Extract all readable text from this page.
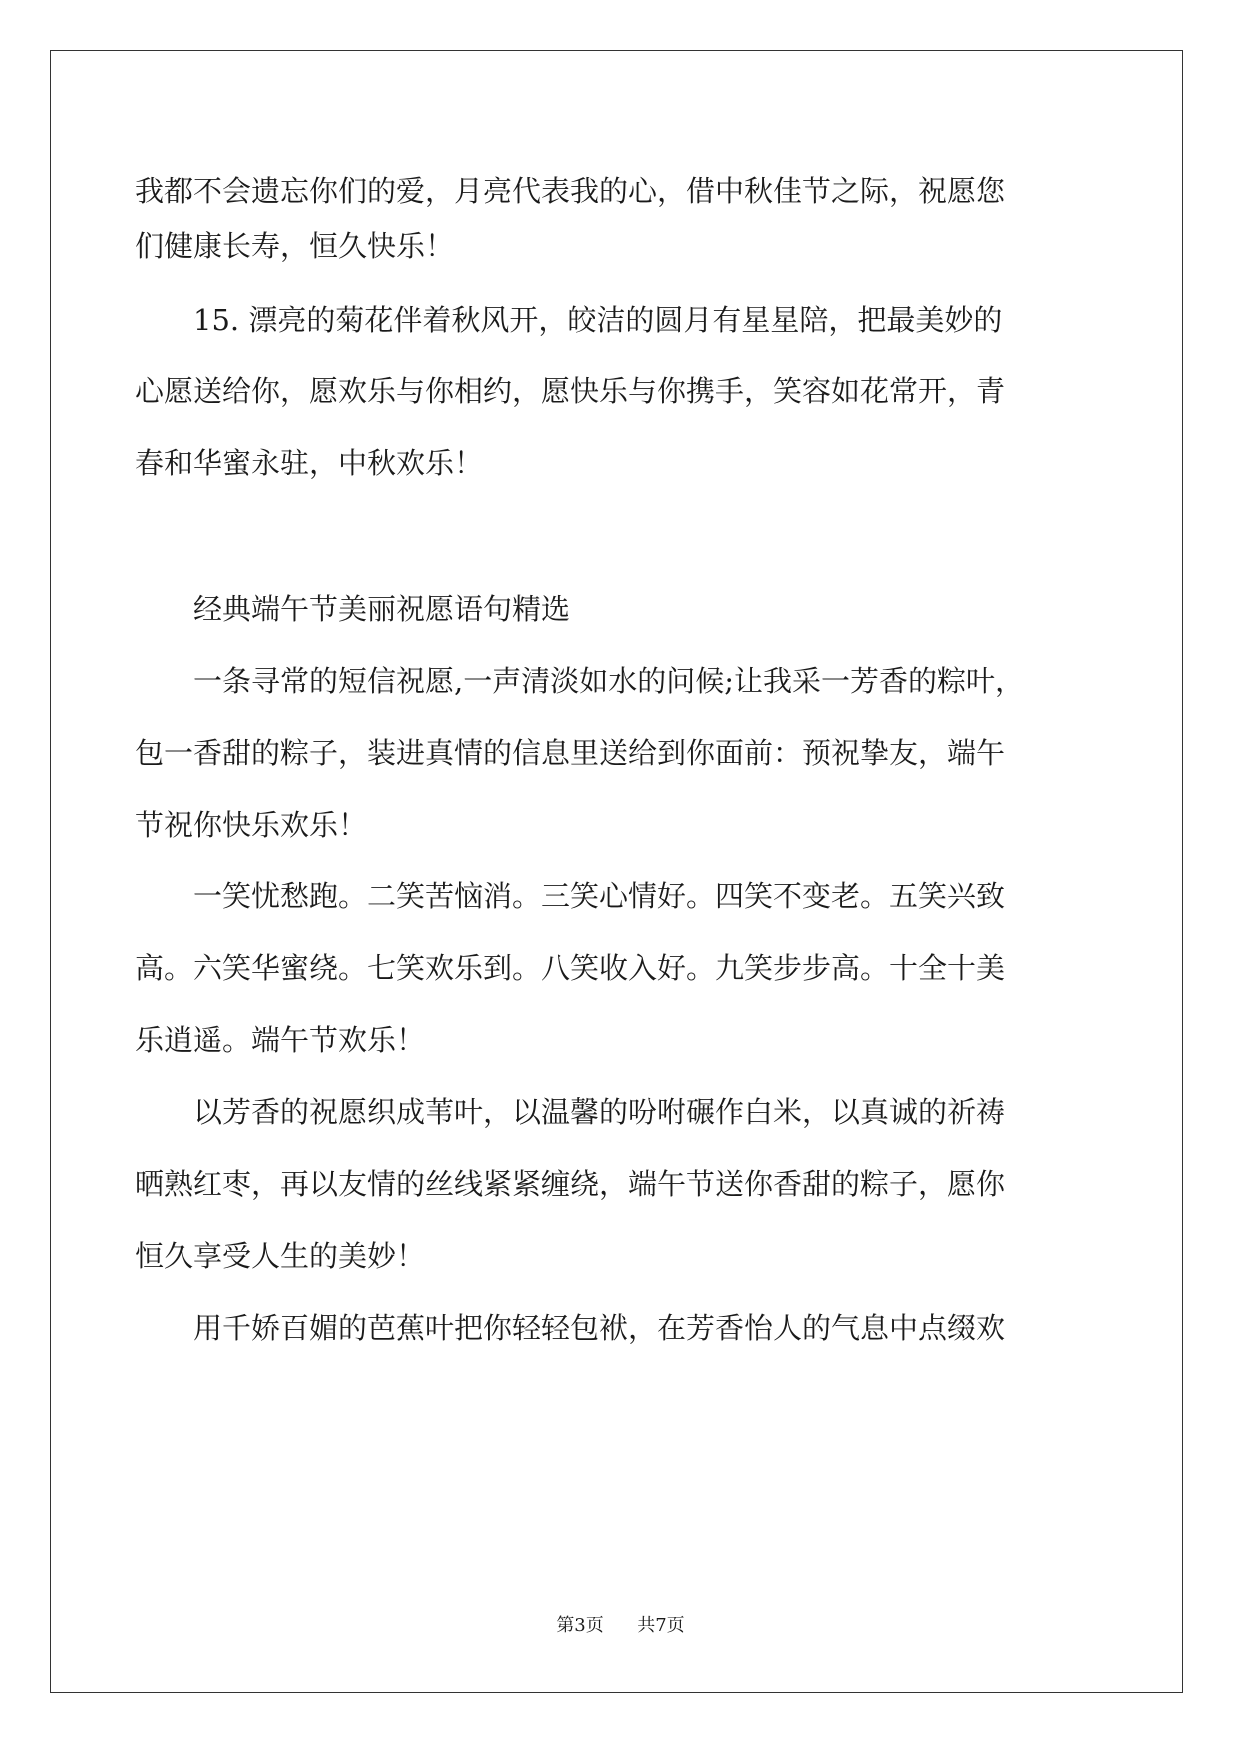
我都不会遗忘你们的爱，月亮代表我的心，借中秋佳节之际，祝愿您
们健康长寿，恒久快乐！
15. 漂亮的菊花伴着秋风开，皎洁的圆月有星星陪，把最美妙的
心愿送给你，愿欢乐与你相约，愿快乐与你携手，笑容如花常开，青
春和华蜜永驻，中秋欢乐！
经典端午节美丽祝愿语句精选
一条寻常的短信祝愿,一声清淡如水的问候;让我采一芳香的粽叶，
包一香甜的粽子，装进真情的信息里送给到你面前：预祝挚友，端午
节祝你快乐欢乐！
一笑忧愁跑。二笑苦恼消。三笑心情好。四笑不变老。五笑兴致
高。六笑华蜜绕。七笑欢乐到。八笑收入好。九笑步步高。十全十美
乐逍遥。端午节欢乐！
以芳香的祝愿织成苇叶，以温馨的吩咐碾作白米，以真诚的祈祷
晒熟红枣，再以友情的丝线紧紧缠绕，端午节送你香甜的粽子，愿你
恒久享受人生的美妙！
用千娇百媚的芭蕉叶把你轻轻包袱，在芳香怡人的气息中点缀欢
第3页 共7页
